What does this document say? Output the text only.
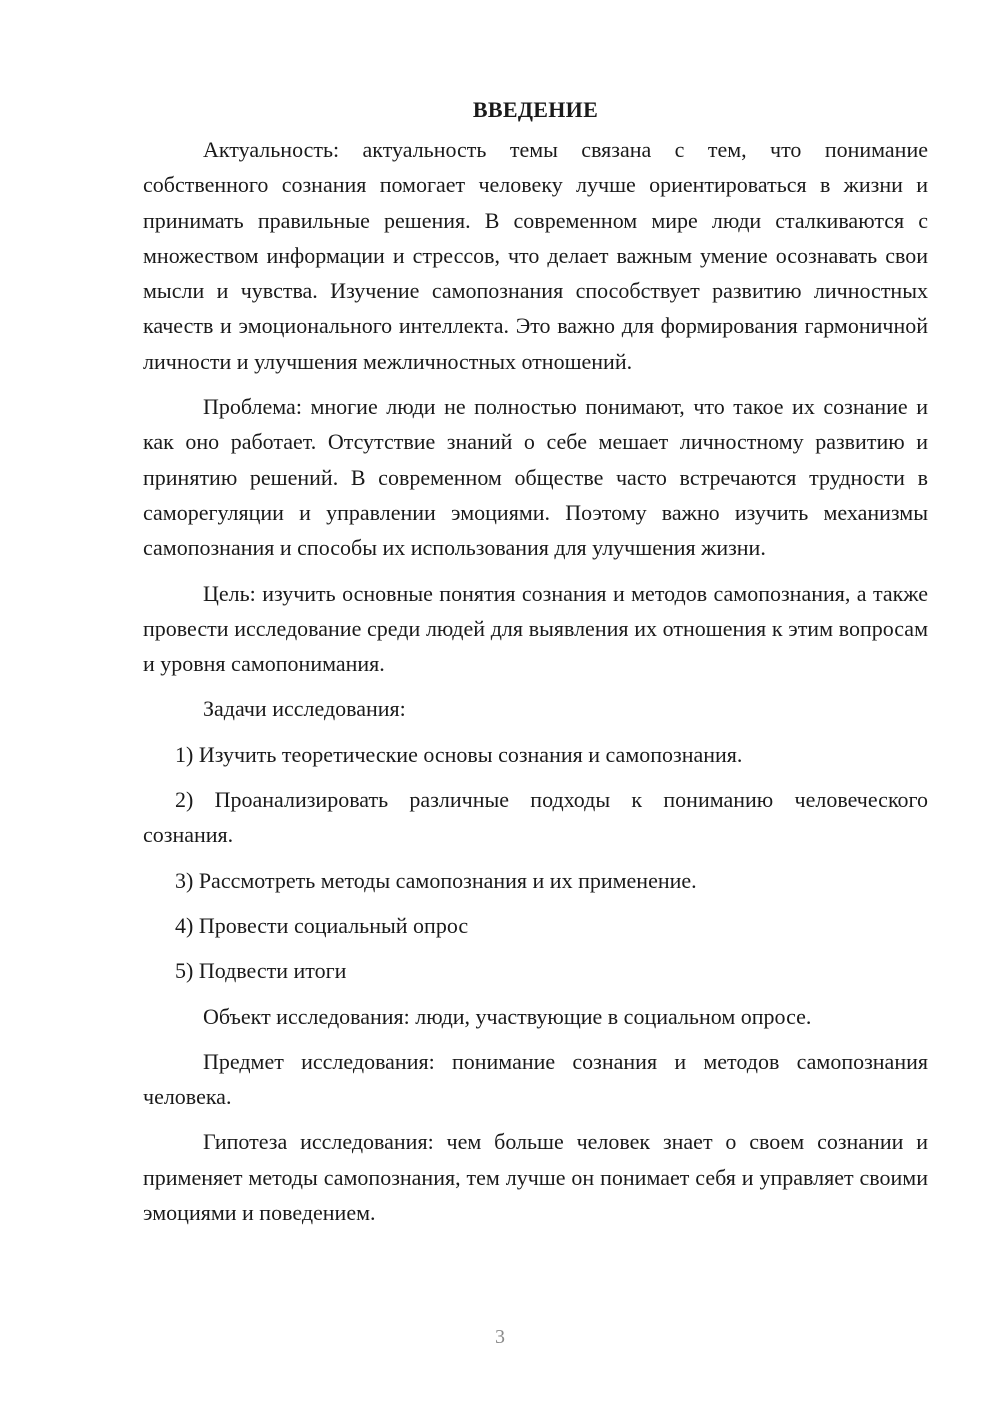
ВВЕДЕНИЕ

Актуальность: актуальность темы связана с тем, что понимание собственного сознания помогает человеку лучше ориентироваться в жизни и принимать правильные решения. В современном мире люди сталкиваются с множеством информации и стрессов, что делает важным умение осознавать свои мысли и чувства. Изучение самопознания способствует развитию личностных качеств и эмоционального интеллекта. Это важно для формирования гармоничной личности и улучшения межличностных отношений.

Проблема: многие люди не полностью понимают, что такое их сознание и как оно работает. Отсутствие знаний о себе мешает личностному развитию и принятию решений. В современном обществе часто встречаются трудности в саморегуляции и управлении эмоциями. Поэтому важно изучить механизмы самопознания и способы их использования для улучшения жизни.

Цель: изучить основные понятия сознания и методов самопознания, а также провести исследование среди людей для выявления их отношения к этим вопросам и уровня самопонимания.

Задачи исследования:

1) Изучить теоретические основы сознания и самопознания.

2) Проанализировать различные подходы к пониманию человеческого сознания.

3) Рассмотреть методы самопознания и их применение.

4) Провести социальный опрос

5) Подвести итоги

Объект исследования: люди, участвующие в социальном опросе.

Предмет исследования: понимание сознания и методов самопознания человека.

Гипотеза исследования: чем больше человек знает о своем сознании и применяет методы самопознания, тем лучше он понимает себя и управляет своими эмоциями и поведением.

3
